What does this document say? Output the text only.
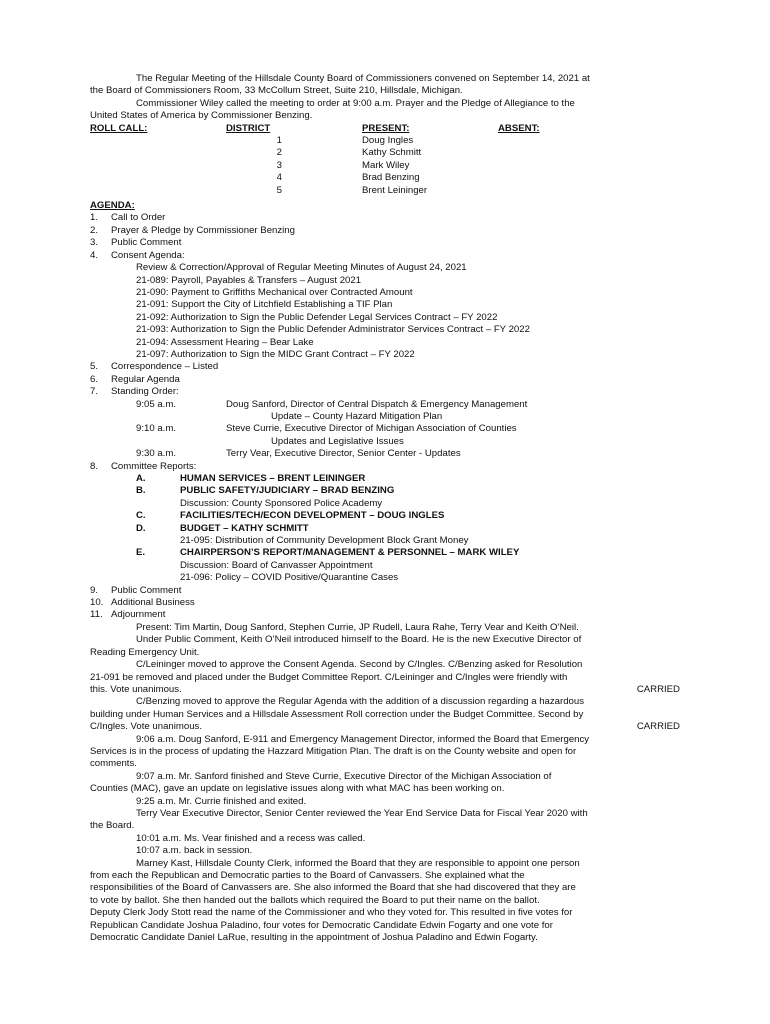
The Regular Meeting of the Hillsdale County Board of Commissioners convened on September 14, 2021 at

the Board of Commissioners Room, 33 McCollum Street, Suite 210, Hillsdale, Michigan.

Commissioner Wiley called the meeting to order at 9:00 a.m. Prayer and the Pledge of Allegiance to the

United States of America by Commissioner Benzing.

ROLL CALL:	DISTRICT	PRESENT:	ABSENT:
1	Doug Ingles
2	Kathy Schmitt
3	Mark Wiley
4	Brad Benzing
5	Brent Leininger

AGENDA:

1.	Call to Order
2.	Prayer & Pledge by Commissioner Benzing
3.	Public Comment
4.	Consent Agenda:
Review & Correction/Approval of Regular Meeting Minutes of August 24, 2021
21-089: Payroll, Payables & Transfers – August 2021
21-090: Payment to Griffiths Mechanical over Contracted Amount
21-091: Support the City of Litchfield Establishing a TIF Plan
21-092: Authorization to Sign the Public Defender Legal Services Contract – FY 2022
21-093: Authorization to Sign the Public Defender Administrator Services Contract – FY 2022
21-094: Assessment Hearing – Bear Lake
21-097: Authorization to Sign the MIDC Grant Contract – FY 2022
5.	Correspondence – Listed
6.	Regular Agenda
7.	Standing Order:
9:05 a.m.	Doug Sanford, Director of Central Dispatch & Emergency Management
Update – County Hazard Mitigation Plan
9:10 a.m.	Steve Currie, Executive Director of Michigan Association of Counties
Updates and Legislative Issues
9:30 a.m.	Terry Vear, Executive Director, Senior Center - Updates
8.	Committee Reports:
A.	HUMAN SERVICES – BRENT LEININGER
B.	PUBLIC SAFETY/JUDICIARY – BRAD BENZING
Discussion: County Sponsored Police Academy
C.	FACILITIES/TECH/ECON DEVELOPMENT – DOUG INGLES
D.	BUDGET – KATHY SCHMITT
21-095: Distribution of Community Development Block Grant Money
E.	CHAIRPERSON’S REPORT/MANAGEMENT & PERSONNEL – MARK WILEY
Discussion: Board of Canvasser Appointment
21-096: Policy – COVID Positive/Quarantine Cases
9.	Public Comment
10. Additional Business
11. Adjournment

Present: Tim Martin, Doug Sanford, Stephen Currie, JP Rudell, Laura Rahe, Terry Vear and Keith O’Neil.

Under Public Comment, Keith O’Neil introduced himself to the Board. He is the new Executive Director of

Reading Emergency Unit.

C/Leininger moved to approve the Consent Agenda. Second by C/Ingles. C/Benzing asked for Resolution

21-091 be removed and placed under the Budget Committee Report. C/Leininger and C/Ingles were friendly with

this. Vote unanimous.	CARRIED

C/Benzing moved to approve the Regular Agenda with the addition of a discussion regarding a hazardous

building under Human Services and a Hillsdale Assessment Roll correction under the Budget Committee. Second by

C/Ingles. Vote unanimous.	CARRIED

9:06 a.m. Doug Sanford, E-911 and Emergency Management Director, informed the Board that Emergency

Services is in the process of updating the Hazzard Mitigation Plan. The draft is on the County website and open for

comments.

9:07 a.m. Mr. Sanford finished and Steve Currie, Executive Director of the Michigan Association of

Counties (MAC), gave an update on legislative issues along with what MAC has been working on.

9:25 a.m. Mr. Currie finished and exited.

Terry Vear Executive Director, Senior Center reviewed the Year End Service Data for Fiscal Year 2020 with

the Board.

10:01 a.m. Ms. Vear finished and a recess was called.

10:07 a.m. back in session.

Marney Kast, Hillsdale County Clerk, informed the Board that they are responsible to appoint one person

from each the Republican and Democratic parties to the Board of Canvassers. She explained what the

responsibilities of the Board of Canvassers are. She also informed the Board that she had discovered that they are

to vote by ballot. She then handed out the ballots which required the Board to put their name on the ballot.

Deputy Clerk Jody Stott read the name of the Commissioner and who they voted for. This resulted in five votes for

Republican Candidate Joshua Paladino, four votes for Democratic Candidate Edwin Fogarty and one vote for

Democratic Candidate Daniel LaRue, resulting in the appointment of Joshua Paladino and Edwin Fogarty.
